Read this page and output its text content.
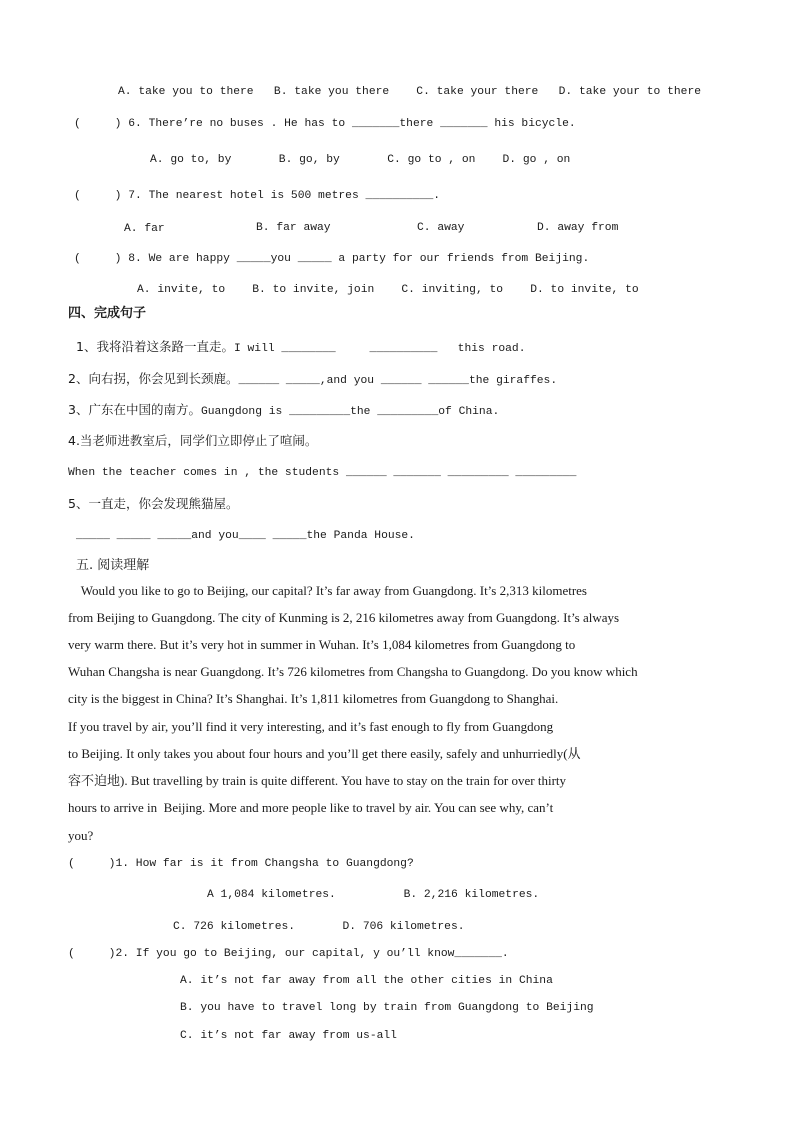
A. take you to there   B. take you there    C. take your there   D. take your to there
(     ) 6. There’re no buses . He has to _______there _______ his bicycle.
A. go to, by       B. go, by       C. go to , on    D. go , on
(     ) 7. The nearest hotel is 500 metres __________.
A. far	B. far away	C. away	D. away from
(     ) 8. We are happy _____you _____ a party for our friends from Beijing.
A. invite, to    B. to invite, join    C. inviting, to    D. to invite, to
四、完成句子
1、我将沿着这条路一直走。I will ________     __________   this road.
2、向右拐，你会见到长颈鹿。______ _____,and you ______ ______the giraffes.
3、广东在中国的南方。Guangdong is _________the _________of China.
4.当老师进教室后，同学们立即停止了喧闹。
When the teacher comes in , the students ______ _______ _________ _________
5、一直走，你会发现熊猫屋。
_____ _____ _____and you____ _____the Panda House.
五. 阅读理解
Would you like to go to Beijing, our capital? It’s far away from Guangdong. It’s 2,313 kilometres
from Beijing to Guangdong. The city of Kunming is 2, 216 kilometres away from Guangdong. It’s always
very warm there. But it’s very hot in summer in Wuhan. It’s 1,084 kilometres from Guangdong to
Wuhan Changsha is near Guangdong. It’s 726 kilometres from Changsha to Guangdong. Do you know which
city is the biggest in China? It’s Shanghai. It’s 1,811 kilometres from Guangdong to Shanghai.
If you travel by air, you’ll find it very interesting, and it’s fast enough to fly from Guangdong
to Beijing. It only takes you about four hours and you’ll get there easily, safely and unhurriedly(从
容不迫地). But travelling by train is quite different. You have to stay on the train for over thirty
hours to arrive in  Beijing. More and more people like to travel by air. You can see why, can’t
you?
(     )1. How far is it from Changsha to Guangdong?
A 1,084 kilometres.          B. 2,216 kilometres.
C. 726 kilometres.       D. 706 kilometres.
(     )2. If you go to Beijing, our capital, y ou’ll know_______.
A. it’s not far away from all the other cities in China
B. you have to travel long by train from Guangdong to Beijing
C. it’s not far away from us-all
